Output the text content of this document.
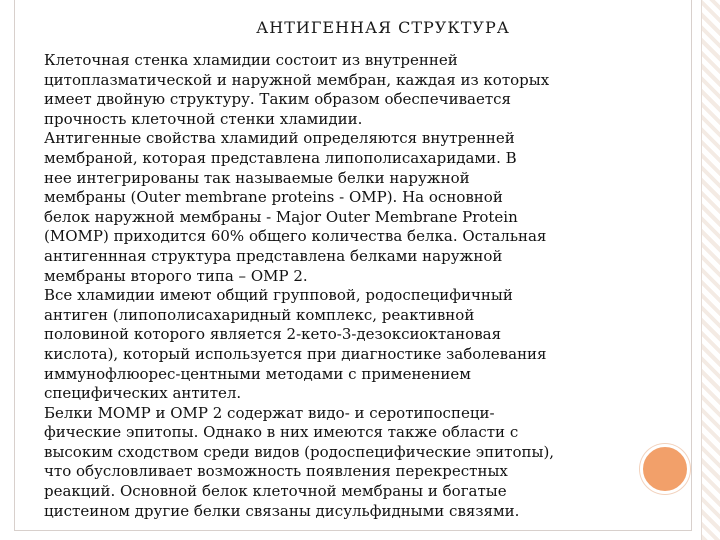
АНТИГЕННАЯ СТРУКТУРА
Клеточная стенка хламидии состоит из внутренней
цитоплазматической и наружной мембран, каждая из которых
имеет двойную структуру. Таким образом обеспечивается
прочность клеточной стенки хламидии.
Антигенные свойства хламидий определяются внутренней
мембраной, которая представлена липополисахаридами. В
нее интегрированы так называемые белки наружной
мембраны (Outer membrane proteins - OMP). На основной
белок наружной мембраны - Major Outer Membrane Protein
(MOMP) приходится 60% общего количества белка. Остальная
антигеннная структура представлена белками наружной
мембраны второго типа – OMP 2.
Все хламидии имеют общий групповой, родоспецифичный
антиген (липополисахаридный комплекс, реактивной
половиной которого является 2-кето-3-дезоксиоктановая
кислота), который используется при диагностике заболевания
иммунофлюорес-центными методами с применением
специфических антител.
Белки MOMP и OMP 2 содержат видо- и серотипоспеци-
фические эпитопы. Однако в них имеются также области с
высоким сходством среди видов (родоспецифические эпитопы),
что обусловливает возможность появления перекрестных
реакций. Основной белок клеточной мембраны и богатые
цистеином другие белки связаны дисульфидными связями.
